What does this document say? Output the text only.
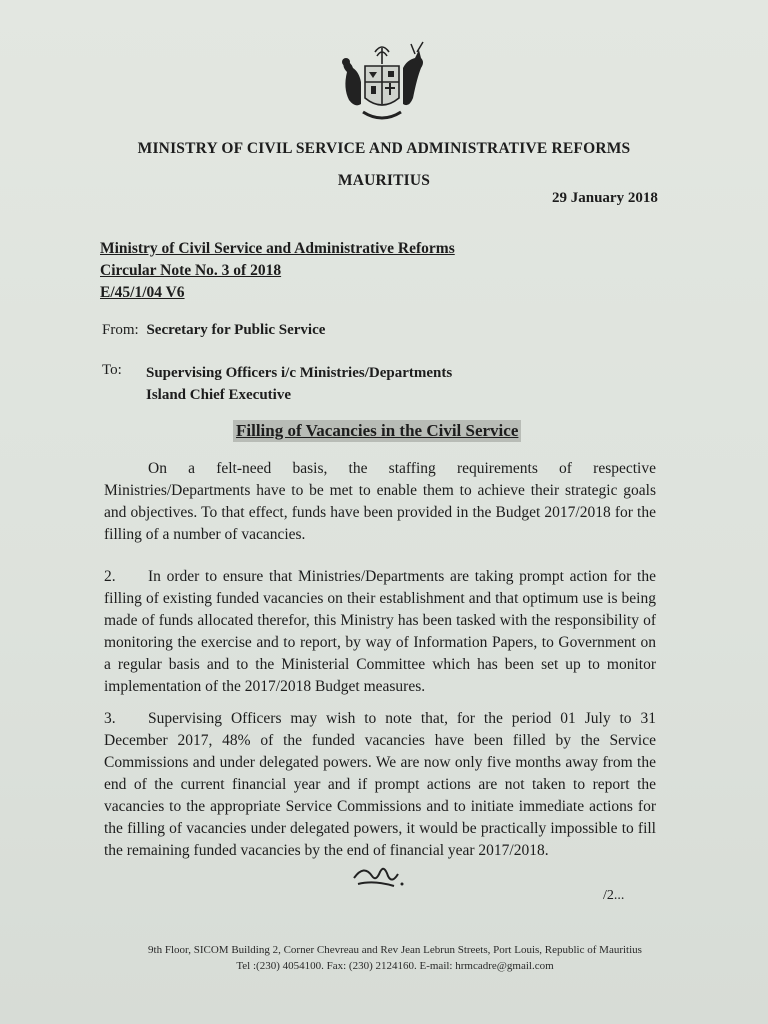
MINISTRY OF CIVIL SERVICE AND ADMINISTRATIVE REFORMS
MAURITIUS
29 January 2018
Ministry of Civil Service and Administrative Reforms
Circular Note No. 3 of 2018
E/45/1/04 V6
From: Secretary for Public Service
To: Supervising Officers i/c Ministries/Departments
Island Chief Executive
Filling of Vacancies in the Civil Service
On a felt-need basis, the staffing requirements of respective Ministries/Departments have to be met to enable them to achieve their strategic goals and objectives. To that effect, funds have been provided in the Budget 2017/2018 for the filling of a number of vacancies.
2. In order to ensure that Ministries/Departments are taking prompt action for the filling of existing funded vacancies on their establishment and that optimum use is being made of funds allocated therefor, this Ministry has been tasked with the responsibility of monitoring the exercise and to report, by way of Information Papers, to Government on a regular basis and to the Ministerial Committee which has been set up to monitor implementation of the 2017/2018 Budget measures.
3. Supervising Officers may wish to note that, for the period 01 July to 31 December 2017, 48% of the funded vacancies have been filled by the Service Commissions and under delegated powers. We are now only five months away from the end of the current financial year and if prompt actions are not taken to report the vacancies to the appropriate Service Commissions and to initiate immediate actions for the filling of vacancies under delegated powers, it would be practically impossible to fill the remaining funded vacancies by the end of financial year 2017/2018.
/2...
9th Floor, SICOM Building 2, Corner Chevreau and Rev Jean Lebrun Streets, Port Louis, Republic of Mauritius
Tel :(230) 4054100. Fax: (230) 2124160. E-mail: hrmcadre@gmail.com
